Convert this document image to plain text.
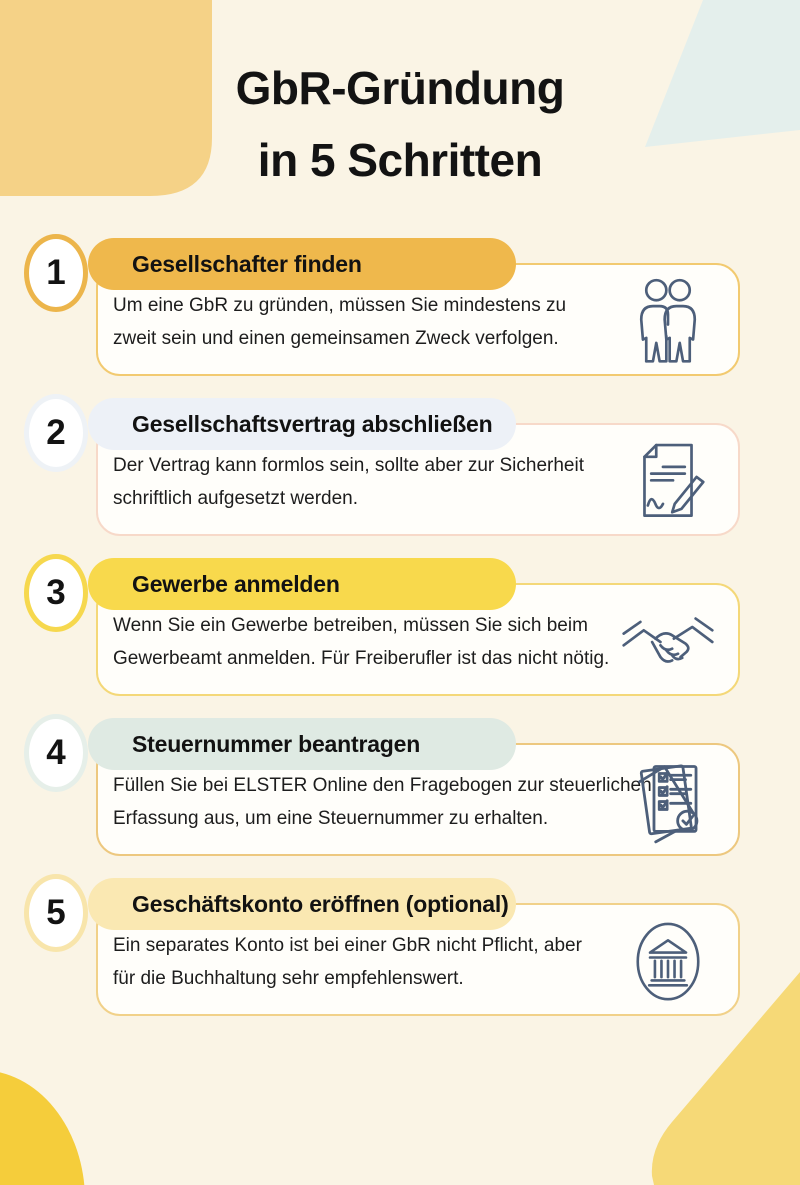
GbR-Gründung
in 5 Schritten
Um eine GbR zu gründen, müssen Sie mindestens zu
zweit sein und einen gemeinsamen Zweck verfolgen.
Gesellschafter finden
1
Der Vertrag kann formlos sein, sollte aber zur Sicherheit
schriftlich aufgesetzt werden.
Gesellschaftsvertrag abschließen
2
Wenn Sie ein Gewerbe betreiben, müssen Sie sich beim
Gewerbeamt anmelden. Für Freiberufler ist das nicht nötig.
Gewerbe anmelden
3
Füllen Sie bei ELSTER Online den Fragebogen zur steuerlichen
Erfassung aus, um eine Steuernummer zu erhalten.
Steuernummer beantragen
4
Ein separates Konto ist bei einer GbR nicht Pflicht, aber
für die Buchhaltung sehr empfehlenswert.
Geschäftskonto eröffnen (optional)
5
